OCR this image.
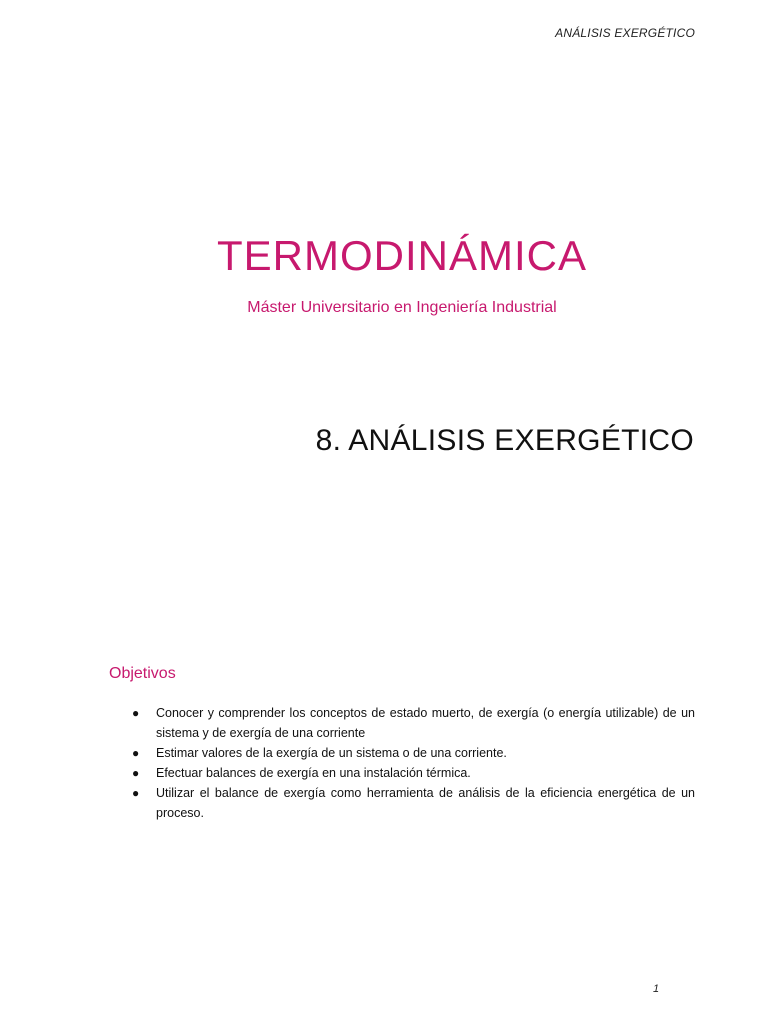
ANÁLISIS EXERGÉTICO
TERMODINÁMICA
Máster Universitario en Ingeniería Industrial
8. ANÁLISIS EXERGÉTICO
Objetivos
● Conocer y comprender los conceptos de estado muerto, de exergía (o energía utilizable) de un sistema y de exergía de una corriente
● Estimar valores de la exergía de un sistema o de una corriente.
● Efectuar balances de exergía en una instalación térmica.
● Utilizar el balance de exergía como herramienta de análisis de la eficiencia energética de un proceso.
1
